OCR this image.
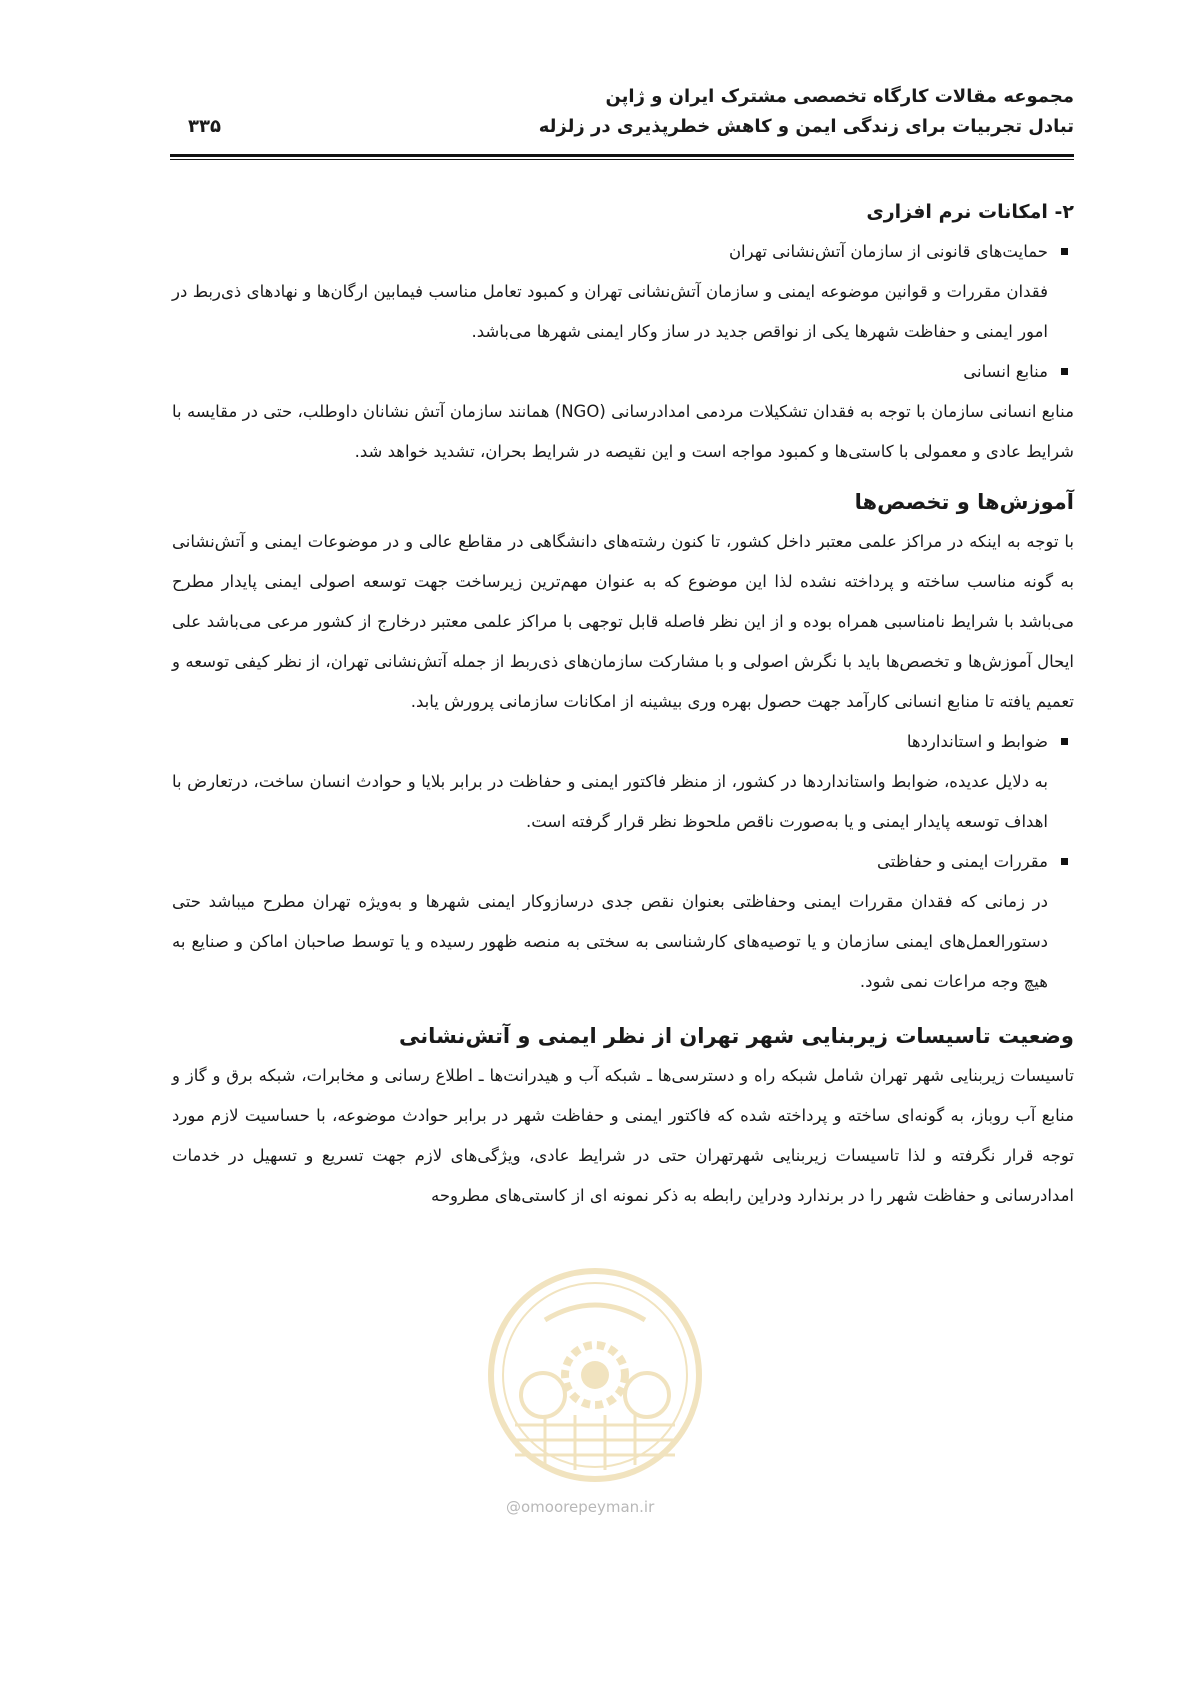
مجموعه مقالات کارگاه تخصصی مشترک ایران و ژاپن
تبادل تجربیات برای زندگی ایمن و کاهش خطرپذیری در زلزله
۳۳۵
۲- امکانات نرم افزاری
حمایت‌های قانونی از سازمان آتش‌نشانی تهران

فقدان مقررات و قوانین موضوعه ایمنی و سازمان آتش‌نشانی تهران و کمبود تعامل مناسب فیمابین ارگان‌ها و نهادهای ذی‌ربط در امور ایمنی و حفاظت شهرها یکی از نواقص جدید در ساز وکار ایمنی شهرها می‌باشد.

منابع انسانی

منابع انسانی سازمان با توجه به فقدان تشکیلات مردمی امدادرسانی (NGO) همانند سازمان آتش نشانان داوطلب، حتی در مقایسه با شرایط عادی و معمولی با کاستی‌ها و کمبود مواجه است و این نقیصه در شرایط بحران، تشدید خواهد شد.

آموزش‌ها و تخصص‌ها

با توجه به اینکه در مراکز علمی معتبر داخل کشور، تا کنون رشته‌های دانشگاهی در مقاطع عالی و در موضوعات ایمنی و آتش‌نشانی به گونه مناسب ساخته و پرداخته نشده لذا این موضوع که به عنوان مهم‌ترین زیرساخت جهت توسعه اصولی ایمنی پایدار مطرح می‌باشد با شرایط نامناسبی همراه بوده و از این نظر فاصله قابل توجهی با مراکز علمی معتبر درخارج از کشور مرعی می‌باشد علی ایحال آموزش‌ها و تخصص‌ها باید با نگرش اصولی و با مشارکت سازمان‌های ذی‌ربط از جمله آتش‌نشانی تهران، از نظر کیفی توسعه و تعمیم یافته تا منابع انسانی کارآمد جهت حصول بهره وری بیشینه از امکانات سازمانی پرورش یابد.

ضوابط و استانداردها

به دلایل عدیده، ضوابط واستانداردها در کشور، از منظر فاکتور ایمنی و حفاظت در برابر بلایا و حوادث انسان ساخت، درتعارض با اهداف توسعه پایدار ایمنی و یا به‌صورت ناقص ملحوظ نظر قرار گرفته است.

مقررات ایمنی و حفاظتی

در زمانی که فقدان مقررات ایمنی وحفاظتی بعنوان نقص جدی درسازوکار ایمنی شهرها و به‌ویژه تهران مطرح میباشد حتی دستورالعمل‌های ایمنی سازمان و یا توصیه‌های کارشناسی به سختی به منصه ظهور رسیده و یا توسط صاحبان اماکن و صنایع به هیچ وجه مراعات نمی شود.

وضعیت تاسیسات زیربنایی شهر تهران از نظر ایمنی و آتش‌نشانی

تاسیسات زیربنایی شهر تهران شامل شبکه راه و دسترسی‌ها ـ شبکه آب و هیدرانت‌ها ـ اطلاع رسانی و مخابرات، شبکه برق و گاز و منابع آب روباز، به گونه‌ای ساخته و پرداخته شده که فاکتور ایمنی و حفاظت شهر در برابر حوادث موضوعه، با حساسیت لازم مورد توجه قرار نگرفته و لذا تاسیسات زیربنایی شهرتهران حتی در شرایط عادی، ویژگی‌های لازم جهت تسریع و تسهیل در خدمات امدادرسانی و حفاظت شهر را در برندارد ودراین رابطه به ذکر نمونه ای از کاستی‌های مطروحه

@omoorepeyman.ir
